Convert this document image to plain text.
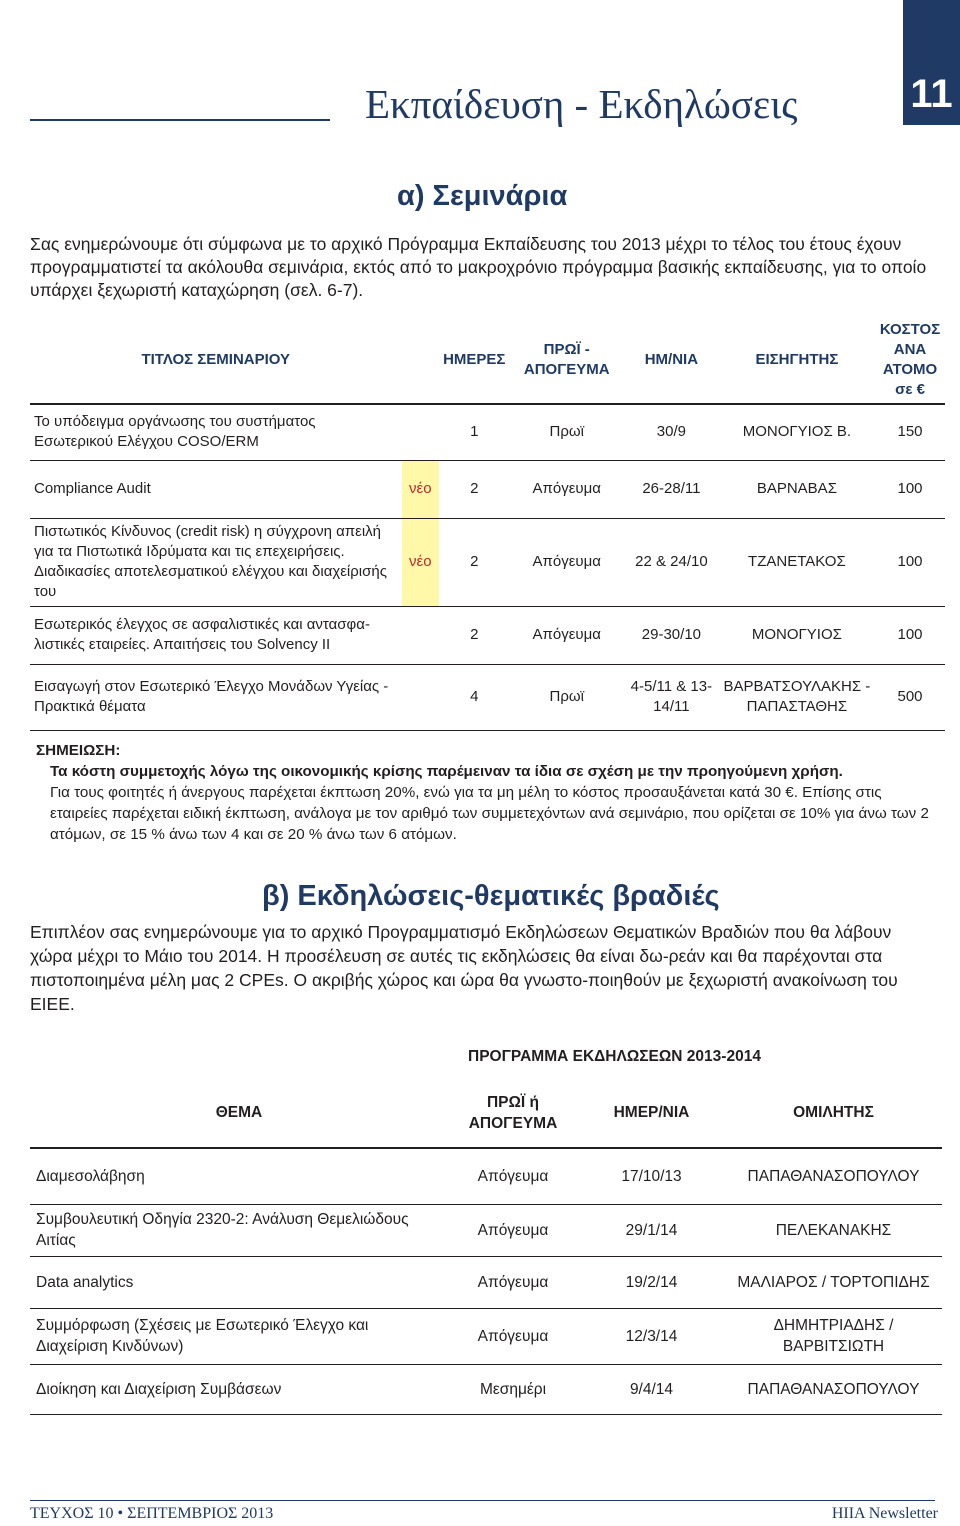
Εκπαίδευση - Εκδηλώσεις	11
α) Σεμινάρια
Σας ενημερώνουμε ότι σύμφωνα με το αρχικό Πρόγραμμα Εκπαίδευσης του 2013 μέχρι το τέλος του έτους έχουν προγραμματιστεί τα ακόλουθα σεμινάρια, εκτός από το μακροχρόνιο πρόγραμμα βασικής εκπαίδευσης, για το οποίο υπάρχει ξεχωριστή καταχώρηση (σελ. 6-7).
ΤΙΤΛΟΣ ΣΕΜΙΝΑΡΙΟΥ		ΗΜΕΡΕΣ	ΠΡΩΪ - ΑΠΟΓΕΥΜΑ	ΗΜ/ΝΙΑ	ΕΙΣΗΓΗΤΗΣ	ΚΟΣΤΟΣ ΑΝΑ ΑΤΟΜΟ σε €
Το υπόδειγμα οργάνωσης του συστήματος Εσωτερικού Ελέγχου COSO/ERM		1	Πρωϊ	30/9	ΜΟΝΟΓΥΙΟΣ Β.	150
Compliance Audit	νέο	2	Απόγευμα	26-28/11	ΒΑΡΝΑΒΑΣ	100
Πιστωτικός Κίνδυνος (credit risk) η σύγχρονη απειλή για τα Πιστωτικά Ιδρύματα και τις επεχειρήσεις. Διαδικασίες αποτελεσματικού ελέγχου και διαχείρισής του	νέο	2	Απόγευμα	22 & 24/10	ΤΖΑΝΕΤΑΚΟΣ	100
Εσωτερικός έλεγχος σε ασφαλιστικές και αντασφα-λιστικές εταιρείες. Απαιτήσεις του Solvency II		2	Απόγευμα	29-30/10	ΜΟΝΟΓΥΙΟΣ	100
Εισαγωγή στον Εσωτερικό Έλεγχο Μονάδων Υγείας - Πρακτικά θέματα		4	Πρωϊ	4-5/11 & 13-14/11	ΒΑΡΒΑΤΣΟΥΛΑΚΗΣ - ΠΑΠΑΣΤΑΘΗΣ	500
ΣΗΜΕΙΩΣΗ:
Τα κόστη συμμετοχής λόγω της οικονομικής κρίσης παρέμειναν τα ίδια σε σχέση με την προηγούμενη χρήση.
Για τους φοιτητές ή άνεργους παρέχεται έκπτωση 20%, ενώ για τα μη μέλη το κόστος προσαυξάνεται κατά 30 €. Επίσης στις εταιρείες παρέχεται ειδική έκπτωση, ανάλογα με τον αριθμό των συμμετεχόντων ανά σεμινάριο, που ορίζεται σε 10% για άνω των 2 ατόμων, σε 15 % άνω των 4 και σε 20 % άνω των 6 ατόμων.
β) Εκδηλώσεις-θεματικές βραδιές
Επιπλέον σας ενημερώνουμε για το αρχικό Προγραμματισμό Εκδηλώσεων Θεματικών Βραδιών που θα λάβουν χώρα μέχρι το Μάιο του 2014. Η προσέλευση σε αυτές τις εκδηλώσεις θα είναι δω-ρεάν και θα παρέχονται στα πιστοποιημένα μέλη μας 2 CPEs. Ο ακριβής χώρος και ώρα θα γνωστο-ποιηθούν με ξεχωριστή ανακοίνωση του ΕΙΕΕ.
	ΠΡΟΓΡΑΜΜΑ ΕΚΔΗΛΩΣΕΩΝ 2013-2014		
ΘΕΜΑ	ΠΡΩΪ ή ΑΠΟΓΕΥΜΑ	ΗΜΕΡ/ΝΙΑ	ΟΜΙΛΗΤΗΣ
Διαμεσολάβηση	Απόγευμα	17/10/13	ΠΑΠΑΘΑΝΑΣΟΠΟΥΛΟΥ
Συμβουλευτική Οδηγία 2320-2: Ανάλυση Θεμελιώδους Αιτίας	Απόγευμα	29/1/14	ΠΕΛΕΚΑΝΑΚΗΣ
Data analytics	Απόγευμα	19/2/14	ΜΑΛΙΑΡΟΣ / ΤΟΡΤΟΠΙΔΗΣ
Συμμόρφωση (Σχέσεις με Εσωτερικό Έλεγχο και Διαχείριση Κινδύνων)	Απόγευμα	12/3/14	ΔΗΜΗΤΡΙΑΔΗΣ / ΒΑΡΒΙΤΣΙΩΤΗ
Διοίκηση και Διαχείριση Συμβάσεων	Μεσημέρι	9/4/14	ΠΑΠΑΘΑΝΑΣΟΠΟΥΛΟΥ
ΤΕΥΧΟΣ 10 • ΣΕΠΤΕΜΒΡΙΟΣ 2013	HIIA Newsletter
